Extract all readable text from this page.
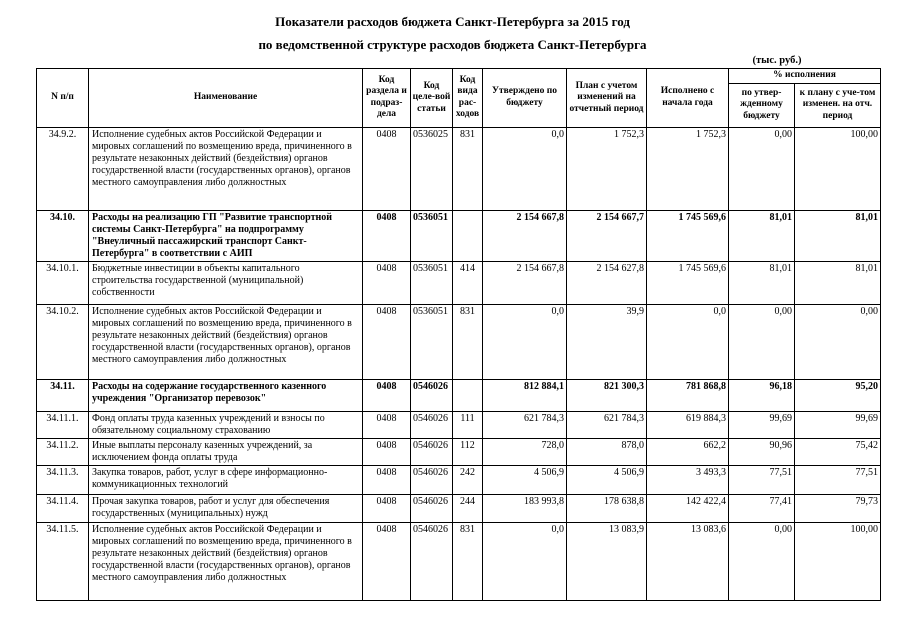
Показатели расходов бюджета Санкт-Петербурга за 2015 год
по ведомственной структуре расходов бюджета Санкт-Петербурга
(тыс. руб.)
N п/п	Наименование	Код раздела и подраз-дела	Код целе-вой статьи	Код вида рас-ходов	Утверждено по бюджету	План с учетом изменений на отчетный период	Исполнено с начала года	% исполнения	
								по утвер-жденному бюджету	к плану с уче-том изменен. на отч. период
34.9.2.	Исполнение судебных актов Российской Федерации и мировых соглашений по возмещению вреда, причиненного в результате незаконных действий (бездействия) органов государственной власти (государственных органов), органов местного самоуправления либо должностных	0408	0536025	831	0,0	1 752,3	1 752,3	0,00	100,00
34.10.	Расходы на реализацию ГП "Развитие транспортной системы Санкт-Петербурга" на подпрограмму "Внеуличный пассажирский транспорт Санкт-Петербурга" в соответствии с АИП	0408	0536051		2 154 667,8	2 154 667,7	1 745 569,6	81,01	81,01
34.10.1.	Бюджетные инвестиции в объекты капитального строительства государственной (муниципальной) собственности	0408	0536051	414	2 154 667,8	2 154 627,8	1 745 569,6	81,01	81,01
34.10.2.	Исполнение судебных актов Российской Федерации и мировых соглашений по возмещению вреда, причиненного в результате незаконных действий (бездействия) органов государственной власти (государственных органов), органов местного самоуправления либо должностных	0408	0536051	831	0,0	39,9	0,0	0,00	0,00
34.11.	Расходы на содержание государственного казенного учреждения "Организатор перевозок"	0408	0546026		812 884,1	821 300,3	781 868,8	96,18	95,20
34.11.1.	Фонд оплаты труда казенных учреждений и взносы по обязательному социальному страхованию	0408	0546026	111	621 784,3	621 784,3	619 884,3	99,69	99,69
34.11.2.	Иные выплаты персоналу казенных учреждений, за исключением фонда оплаты труда	0408	0546026	112	728,0	878,0	662,2	90,96	75,42
34.11.3.	Закупка товаров, работ, услуг в сфере информационно-коммуникационных технологий	0408	0546026	242	4 506,9	4 506,9	3 493,3	77,51	77,51
34.11.4.	Прочая закупка товаров, работ и услуг для обеспечения государственных (муниципальных) нужд	0408	0546026	244	183 993,8	178 638,8	142 422,4	77,41	79,73
34.11.5.	Исполнение судебных актов Российской Федерации и мировых соглашений по возмещению вреда, причиненного в результате незаконных действий (бездействия) органов государственной власти (государственных органов), органов местного самоуправления либо должностных	0408	0546026	831	0,0	13 083,9	13 083,6	0,00	100,00
